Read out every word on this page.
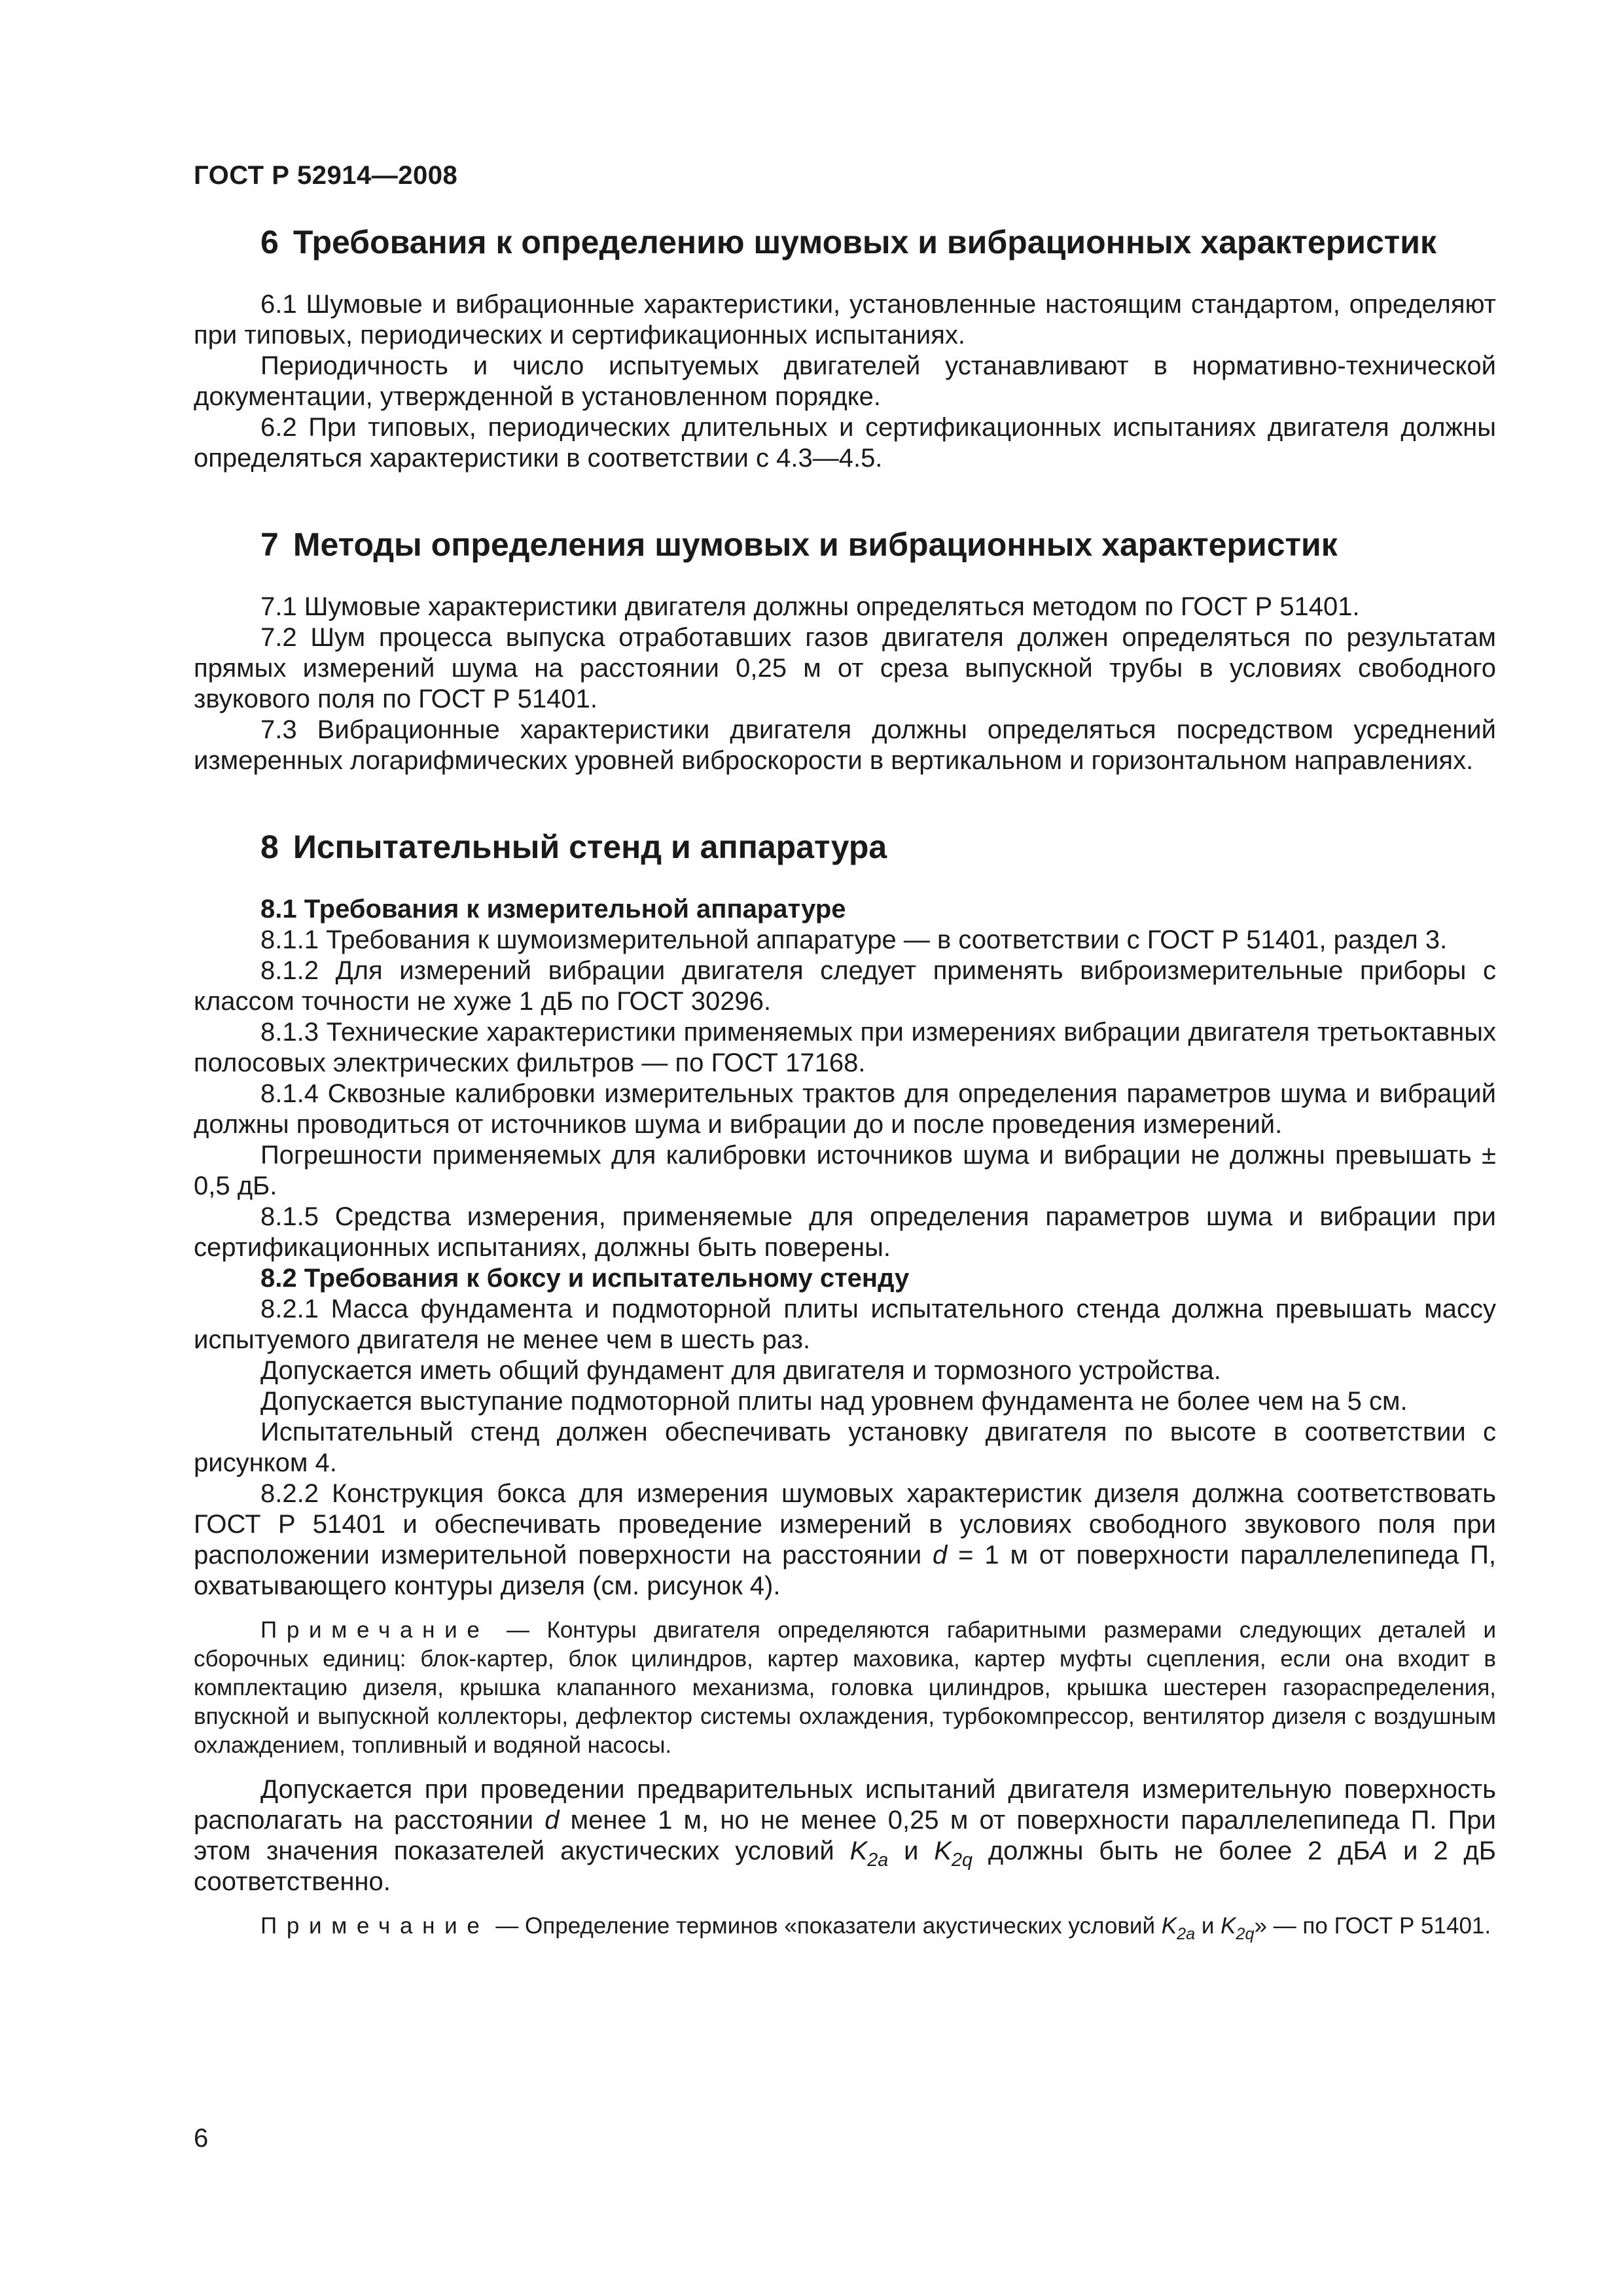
ГОСТ Р 52914—2008
6 Требования к определению шумовых и вибрационных характеристик

6.1 Шумовые и вибрационные характеристики, установленные настоящим стандартом, определяют при типовых, периодических и сертификационных испытаниях.

Периодичность и число испытуемых двигателей устанавливают в нормативно-технической документации, утвержденной в установленном порядке.

6.2 При типовых, периодических длительных и сертификационных испытаниях двигателя должны определяться характеристики в соответствии с 4.3—4.5.

7 Методы определения шумовых и вибрационных характеристик

7.1 Шумовые характеристики двигателя должны определяться методом по ГОСТ Р 51401.

7.2 Шум процесса выпуска отработавших газов двигателя должен определяться по результатам прямых измерений шума на расстоянии 0,25 м от среза выпускной трубы в условиях свободного звукового поля по ГОСТ Р 51401.

7.3 Вибрационные характеристики двигателя должны определяться посредством усреднений измеренных логарифмических уровней виброскорости в вертикальном и горизонтальном направлениях.

8 Испытательный стенд и аппаратура

8.1 Требования к измерительной аппаратуре

8.1.1 Требования к шумоизмерительной аппаратуре — в соответствии с ГОСТ Р 51401, раздел 3.

8.1.2 Для измерений вибрации двигателя следует применять виброизмерительные приборы с классом точности не хуже 1 дБ по ГОСТ 30296.

8.1.3 Технические характеристики применяемых при измерениях вибрации двигателя третьоктавных полосовых электрических фильтров — по ГОСТ 17168.

8.1.4 Сквозные калибровки измерительных трактов для определения параметров шума и вибраций должны проводиться от источников шума и вибрации до и после проведения измерений.

Погрешности применяемых для калибровки источников шума и вибрации не должны превышать ± 0,5 дБ.

8.1.5 Средства измерения, применяемые для определения параметров шума и вибрации при сертификационных испытаниях, должны быть поверены.

8.2 Требования к боксу и испытательному стенду

8.2.1 Масса фундамента и подмоторной плиты испытательного стенда должна превышать массу испытуемого двигателя не менее чем в шесть раз.

Допускается иметь общий фундамент для двигателя и тормозного устройства.

Допускается выступание подмоторной плиты над уровнем фундамента не более чем на 5 см.

Испытательный стенд должен обеспечивать установку двигателя по высоте в соответствии с рисунком 4.

8.2.2 Конструкция бокса для измерения шумовых характеристик дизеля должна соответствовать ГОСТ Р 51401 и обеспечивать проведение измерений в условиях свободного звукового поля при расположении измерительной поверхности на расстоянии d = 1 м от поверхности параллелепипеда П, охватывающего контуры дизеля (см. рисунок 4).

Примечание — Контуры двигателя определяются габаритными размерами следующих деталей и сборочных единиц: блок-картер, блок цилиндров, картер маховика, картер муфты сцепления, если она входит в комплектацию дизеля, крышка клапанного механизма, головка цилиндров, крышка шестерен газораспределения, впускной и выпускной коллекторы, дефлектор системы охлаждения, турбокомпрессор, вентилятор дизеля с воздушным охлаждением, топливный и водяной насосы.

Допускается при проведении предварительных испытаний двигателя измерительную поверхность располагать на расстоянии d менее 1 м, но не менее 0,25 м от поверхности параллелепипеда П. При этом значения показателей акустических условий $K_{2a}$ и $K_{2q}$ должны быть не более 2 дБA и 2 дБ соответственно.

Примечание — Определение терминов «показатели акустических условий $K_{2a}$ и $K_{2q}$» — по ГОСТ Р 51401.

6
